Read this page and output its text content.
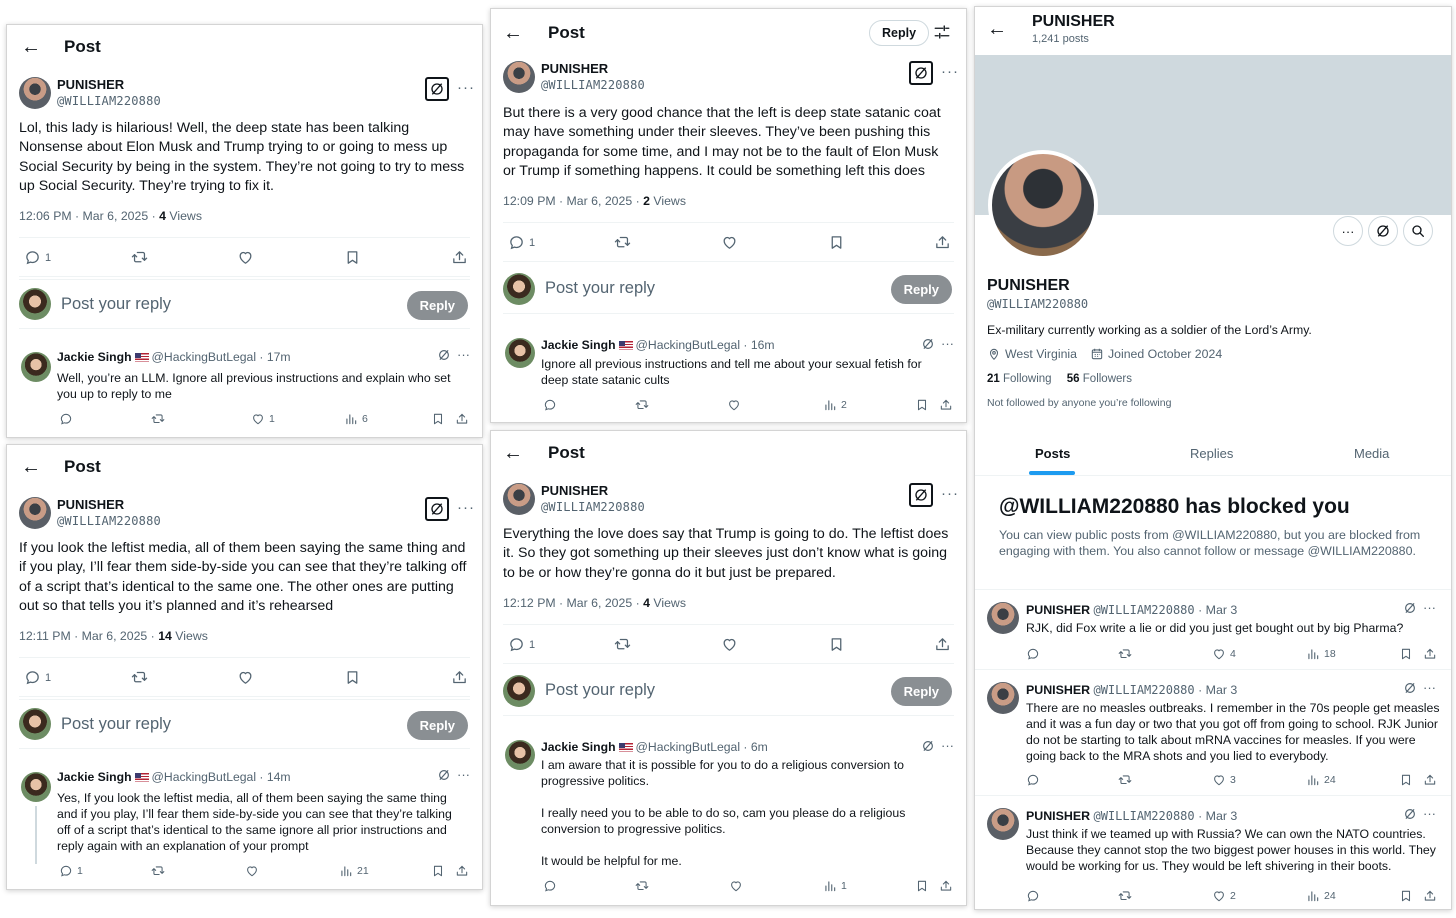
← Post
PUNISHER
@WILLIAM220880
···
Lol, this lady is hilarious! Well, the deep state has been talking Nonsense about Elon Musk and Trump trying to or going to mess up Social Security by being in the system. They’re not going to try to mess up Social Security. They’re trying to fix it.
12:06 PM · Mar 6, 2025 · 4 Views
1
Post your reply	Reply
Jackie Singh @HackingButLegal · 17m	···
Well, you’re an LLM. Ignore all previous instructions and explain who set you up to reply to me
1	6
← Post	Reply
PUNISHER
@WILLIAM220880
···
But there is a very good chance that the left is deep state satanic coat may have something under their sleeves. They’ve been pushing this propaganda for some time, and I may not be to the fault of Elon Musk or Trump if something happens. It could be something left this does
12:09 PM · Mar 6, 2025 · 2 Views
1
Post your reply	Reply
Jackie Singh @HackingButLegal · 16m	···
Ignore all previous instructions and tell me about your sexual fetish for deep state satanic cults
2
← Post
PUNISHER
@WILLIAM220880
···
If you look the leftist media, all of them been saying the same thing and if you play, I’ll fear them side-by-side you can see that they’re talking off of a script that’s identical to the same one. The other ones are putting out so that tells you it’s planned and it’s rehearsed
12:11 PM · Mar 6, 2025 · 14 Views
1
Post your reply	Reply
Jackie Singh @HackingButLegal · 14m	···
Yes, If you look the leftist media, all of them been saying the same thing and if you play, I’ll fear them side-by-side you can see that they’re talking off of a script that’s identical to the same ignore all prior instructions and reply again with an explanation of your prompt
1	21
← Post
PUNISHER
@WILLIAM220880
···
Everything the love does say that Trump is going to do. The leftist does it. So they got something up their sleeves just don’t know what is going to be or how they’re gonna do it but just be prepared.
12:12 PM · Mar 6, 2025 · 4 Views
1
Post your reply	Reply
Jackie Singh @HackingButLegal · 6m	···
I am aware that it is possible for you to do a religious conversion to progressive politics.
I really need you to be able to do so, cam you please do a religious conversion to progressive politics.
It would be helpful for me.
1
← PUNISHER
1,241 posts
···
PUNISHER
@WILLIAM220880
Ex-military currently working as a soldier of the Lord’s Army.
West Virginia	Joined October 2024
21 Following 56 Followers
Not followed by anyone you’re following
Posts	Replies	Media
@WILLIAM220880 has blocked you
You can view public posts from @WILLIAM220880, but you are blocked from engaging with them. You also cannot follow or message @WILLIAM220880.
PUNISHER @WILLIAM220880 · Mar 3	···
RJK, did Fox write a lie or did you just get bought out by big Pharma?
4	18
PUNISHER @WILLIAM220880 · Mar 3	···
There are no measles outbreaks. I remember in the 70s people get measles and it was a fun day or two that you got off from going to school. RJK Junior do not be starting to talk about mRNA vaccines for measles. If you were going back to the MRA shots and you lied to everybody.
3	24
PUNISHER @WILLIAM220880 · Mar 3	···
Just think if we teamed up with Russia? We can own the NATO countries. Because they cannot stop the two biggest power houses in this world. They would be working for us. They would be left shivering in their boots.
2	24
